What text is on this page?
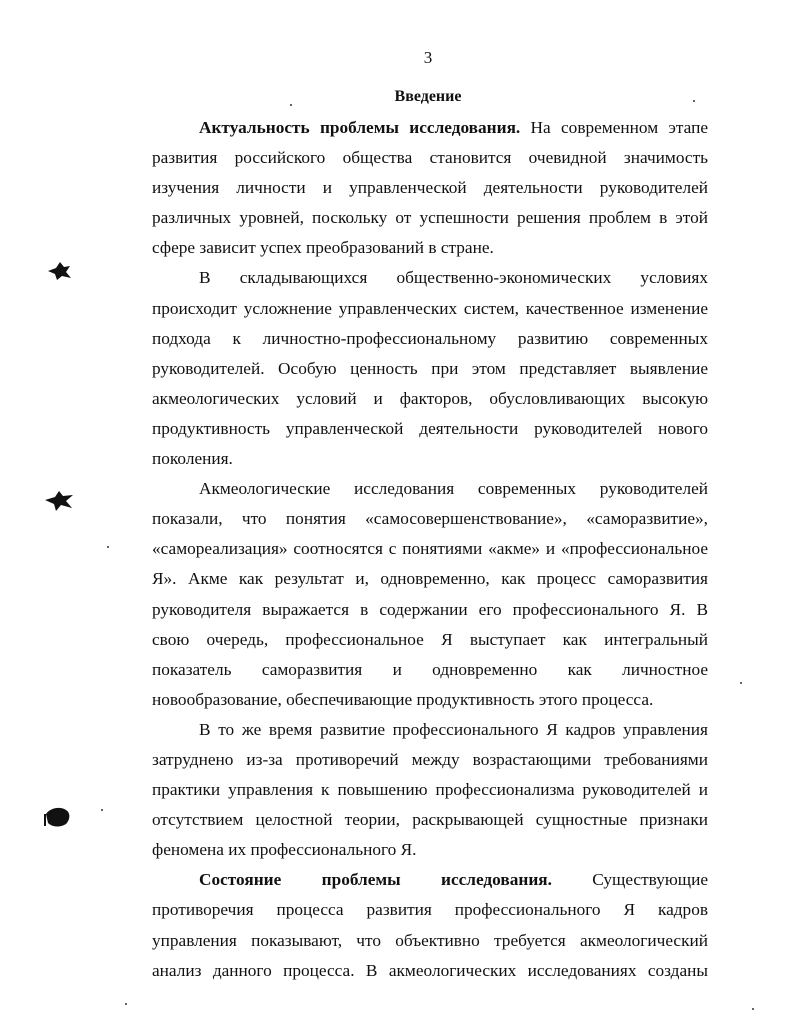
3
Введение

Актуальность проблемы исследования. На современном этапе
развития российского общества становится очевидной значимость
изучения личности и управленческой деятельности руководителей
различных уровней, поскольку от успешности решения проблем в этой
сфере зависит успех преобразований в стране.

В складывающихся общественно-экономических условиях
происходит усложнение управленческих систем, качественное изменение
подхода к личностно-профессиональному развитию современных
руководителей. Особую ценность при этом представляет выявление
акмеологических условий и факторов, обусловливающих высокую
продуктивность управленческой деятельности руководителей нового
поколения.

Акмеологические исследования современных руководителей
показали, что понятия «самосовершенствование», «саморазвитие»,
«самореализация» соотносятся с понятиями «акме» и «профессиональное
Я». Акме как результат и, одновременно, как процесс саморазвития
руководителя выражается в содержании его профессионального Я. В
свою очередь, профессиональное Я выступает как интегральный
показатель саморазвития и одновременно как личностное
новообразование, обеспечивающие продуктивность этого процесса.

В то же время развитие профессионального Я кадров управления
затруднено из-за противоречий между возрастающими требованиями
практики управления к повышению профессионализма руководителей и
отсутствием целостной теории, раскрывающей сущностные признаки
феномена их профессионального Я.

Состояние проблемы исследования. Существующие
противоречия процесса развития профессионального Я кадров
управления показывают, что объективно требуется акмеологический
анализ данного процесса. В акмеологических исследованиях созданы
